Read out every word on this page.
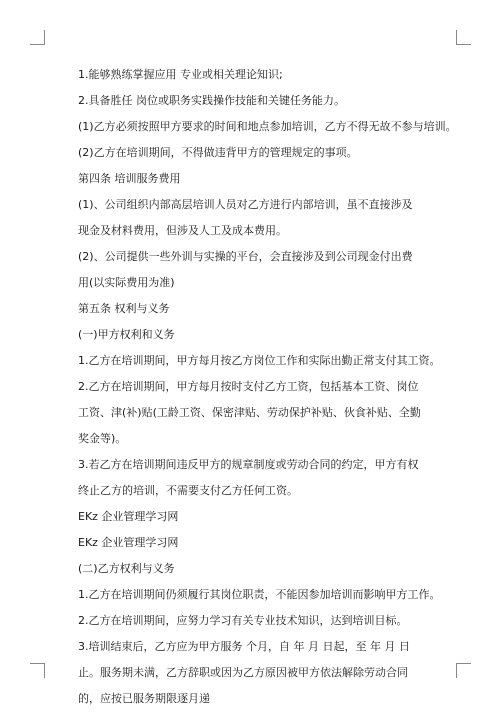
1.能够熟练掌握应用 专业或相关理论知识;

2.具备胜任 岗位或职务实践操作技能和关键任务能力。

(1)乙方必须按照甲方要求的时间和地点参加培训，乙方不得无故不参与培训。

(2)乙方在培训期间，不得做违背甲方的管理规定的事项。

第四条 培训服务费用

(1)、公司组织内部高层培训人员对乙方进行内部培训，虽不直接涉及现金及材料费用，但涉及人工及成本费用。

(2)、公司提供一些外训与实操的平台，会直接涉及到公司现金付出费用(以实际费用为准)

第五条 权利与义务

(一)甲方权利和义务

1.乙方在培训期间，甲方每月按乙方岗位工作和实际出勤正常支付其工资。

2.乙方在培训期间，甲方每月按时支付乙方工资，包括基本工资、岗位工资、津(补)贴(工龄工资、保密津贴、劳动保护补贴、伙食补贴、全勤奖金等)。

3.若乙方在培训期间违反甲方的规章制度或劳动合同的约定，甲方有权终止乙方的培训，不需要支付乙方任何工资。

EKz 企业管理学习网

EKz 企业管理学习网

(二)乙方权利与义务

1.乙方在培训期间仍须履行其岗位职责，不能因参加培训而影响甲方工作。

2.乙方在培训期间，应努力学习有关专业技术知识，达到培训目标。

3.培训结束后，乙方应为甲方服务 个月，自 年 月 日起，至 年 月 日止。服务期未满，乙方辞职或因为乙方原因被甲方依法解除劳动合同的，应按已服务期限逐月递
